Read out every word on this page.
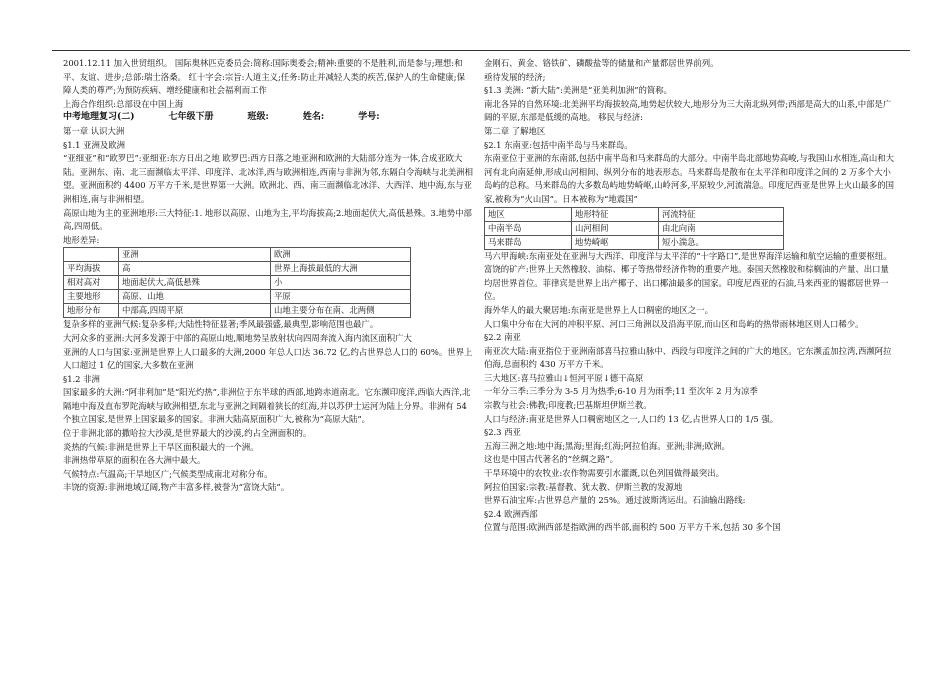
2001.12.11 加入世贸组织。 国际奥林匹克委员会:简称:国际奥委会;精神:重要的不是胜利,而是参与;理想:和平、友谊、进步;总部:瑞士洛桑。 红十字会:宗旨:人道主义;任务:防止并减轻人类的疾苦,保护人的生命健康;保障人类的尊严;为预防疾病、增经健康和社会福利而工作

上海合作组织:总部设在中国上海

中考地理复习(二)	七年级下册	班级:	姓名:	学号:

第一章 认识大洲

§1.1 亚洲及欧洲

“亚细亚”和“欧罗巴”:亚细亚:东方日出之地 欧罗巴:西方日落之地亚洲和欧洲的大陆部分连为一体,合成亚欧大陆。亚洲东、南、北三面濒临太平洋、印度洋、北冰洋,西与欧洲相连,西南与非洲为邻,东隔白令海峡与北美洲相望。亚洲面积约 4400 万平方千米,是世界第一大洲。欧洲北、西、南三面濒临北冰洋、大西洋、地中海,东与亚洲相连,南与非洲相望。

高原山地为主的亚洲地形:三大特征:1. 地形以高原、山地为主,平均海拔高;2.地面起伏大,高低悬殊。3.地势中部高,四周低。

地形差异:

	亚洲	欧洲
平均海拔	高	世界上海拔最低的大洲
相对高对	地面起伏大,高低悬殊	小
主要地形	高原、山地	平原
地形分布	中部高,四周平原	山地主要分布在南、北两侧

复杂多样的亚洲气候:复杂多样;大陆性特征显著;季风最强盛,最典型,影响范围也最广。

大河众多的亚洲:大河多发源于中部的高原山地,顺地势呈放射状向四周奔流入海内流区面积广大

亚洲的人口与国家:亚洲是世界上人口最多的大洲,2000 年总人口达 36.72 亿,约占世界总人口的 60%。世界上人口超过 1 亿的国家,大多数在亚洲

§1.2 非洲

国家最多的大洲:“阿非利加”是“阳光灼热”,非洲位于东半球的西部,地跨赤道南北。它东濒印度洋,西临大西洋,北隔地中海及直布罗陀海峡与欧洲相望,东北与亚洲之间隔着狭长的红海,并以苏伊士运河为陆上分界。非洲有 54 个独立国家,是世界上国家最多的国家。非洲大陆高原面积广大,被称为“高原大陆”。

位于非洲北部的撒哈拉大沙漠,是世界最大的沙漠,约占全洲面积的。

炎热的气候:非洲是世界上干旱区面积最大的一个洲。

非洲热带草原的面积在各大洲中最大。

气候特点:气温高;干旱地区广;气候类型成南北对称分布。

丰饶的资源:非洲地域辽阔,物产丰富多样,被誉为“富饶大陆”。

金刚石、黄金、铬铁矿、磷酸盐等的储量和产量都居世界前列。

亟待发展的经济;

§1.3 美洲: “新大陆”:美洲是“亚美利加洲”的简称。

南北各异的自然环境:北美洲平均海拔较高,地势起伏较大,地形分为三大南北纵列带;西部是高大的山系,中部是广阔的平原,东部是低缓的高地。 移民与经济:

第二章 了解地区

§2.1 东南亚:包括中南半岛与马来群岛。

东南亚位于亚洲的东南部,包括中南半岛和马来群岛的大部分。中南半岛北部地势高峻,与我国山水相连,高山和大河有北向南延伸,形成山河相间、纵列分布的地表形态。马来群岛是散布在太平洋和印度洋之间的 2 万多个大小岛屿的总称。马来群岛的大多数岛屿地势崎岖,山岭河多,平原较少,河流湍急。印度尼西亚是世界上火山最多的国家,被称为“火山国”。日本被称为“地震国”

地区	地形特征	河流特征
中南半岛	山河相间	由北向南
马来群岛	地势崎岖	短小湍急。

马六甲海峡:东南亚处在亚洲与大西洋、印度洋与太平洋的“十字路口”,是世界海洋运输和航空运输的重要枢纽。

富饶的矿产:世界上天然橡胶、油棕、椰子等热带经济作物的重要产地。泰国天然橡胶和棕榈油的产量、出口量均居世界首位。菲律宾是世界上出产椰子、出口椰油最多的国家。印度尼西亚的石油,马来西亚的锡都居世界一位。

海外华人的最大聚居地:东南亚是世界上人口稠密的地区之一。

人口集中分布在大河的冲积平原、河口三角洲以及沿海平原,而山区和岛屿的热带雨林地区则人口稀少。

§2.2 南亚

南亚次大陆:南亚指位于亚洲南部喜马拉雅山脉中、西段与印度洋之间的广大的地区。它东濒孟加拉湾,西濒阿拉伯海,总面积约 430 万平方千米。

三大地区:喜马拉雅山↓恒河平原↓德干高原

一年分三季:三季分为 3-5 月为热季;6-10 月为雨季;11 至次年 2 月为凉季

宗教与社会:佛教;印度教;巴基斯坦伊斯兰教。

人口与经济:南亚是世界人口稠密地区之一,人口约 13 亿,占世界人口的 1/5 强。

§2.3 西亚

五海三洲之地:地中海;黑海;里海;红海;阿拉伯海。亚洲;非洲;欧洲。

这也是中国古代著名的“丝绸之路”。

干旱环境中的农牧业:农作物需要引水灌溉,以色列国做得最突出。

阿拉伯国家:宗教:基督教、犹太教、伊斯兰教的发源地

世界石油宝库:占世界总产量的 25%。通过波斯湾运出。石油输出路线:

§2.4 欧洲西部

位置与范围:欧洲西部是指欧洲的西半部,面积约 500 万平方千米,包括 30 多个国
